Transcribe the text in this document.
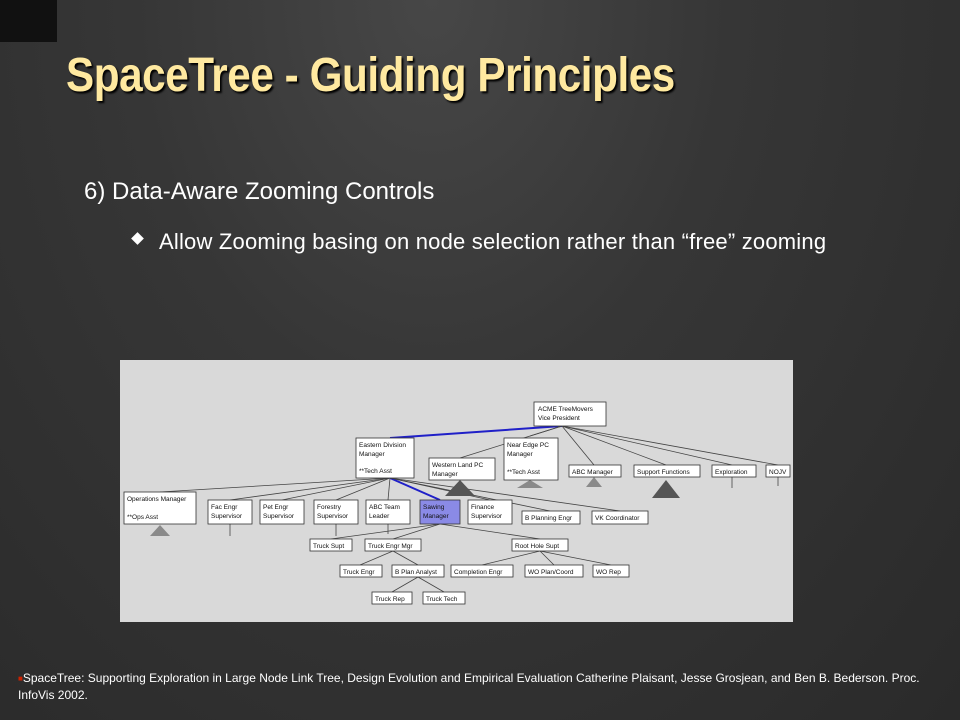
SpaceTree - Guiding Principles
6) Data-Aware Zooming Controls
Allow Zooming basing on node selection rather than “free” zooming
ACME TreeMovers
Vice President
Eastern Division
Manager
**Tech Asst
Western Land PC
Manager
Near Edge PC
Manager
**Tech Asst	ABC Manager	Support Functions	Exploration	NOJV
Operations Manager
**Ops Asst
Fac Engr
Supervisor
Pet Engr
Supervisor
Forestry
Supervisor
ABC Team
Leader
Sawing
Manager
Finance
Supervisor	B Planning Engr	VK Coordinator
Truck Supt	Truck Engr Mgr	Root Hole Supt
Truck Engr	B Plan Analyst	Completion Engr	WO Plan/Coord	WO Rep
Truck Rep	Truck Tech
■SpaceTree: Supporting Exploration in Large Node Link Tree, Design Evolution and Empirical Evaluation Catherine Plaisant, Jesse Grosjean, and Ben B. Bederson. Proc. InfoVis 2002.
